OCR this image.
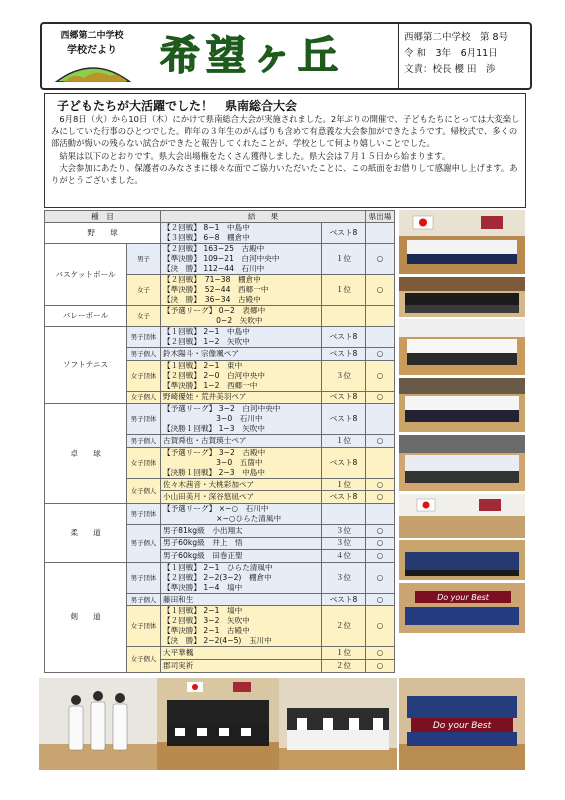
西郷第二中学校
学校だより	希望ヶ丘	西郷第二中学校　第 8号
令 和　3年　6月11日
文責：校長 櫻 田　渉
子どもたちが大活躍でした！　県南総合大会

6月8日（火）から10日（木）にかけて県南総合大会が実施されました。2年ぶりの開催で、子どもたちにとっては大変楽しみにしていた行事のひとつでした。昨年の３年生のがんばりも含めて有意義な大会参加ができたようです。帰校式で、多くの部活動が悔いの残らない試合ができたと報告してくれたことが、学校として何より嬉しいことでした。

結果は以下のとおりです。県大会出場権をたくさん獲得しました。県大会は７月１５日から始まります。

大会参加にあたり、保護者のみなさまに様々な面でご協力いただいたことに、この紙面をお借りして感謝申し上げます。ありがとうございました。

種　目		結　　果		県出場
野　　球		【２回戦】 8−1　中島中
【３回戦】 6−8　棚倉中	ベスト8	
バスケットボール	男子	【２回戦】 163−25　古殿中
【準決勝】 109−21　白河中央中
【決　勝】 112−44　石川中	１位	○
	女子	【２回戦】　71−38　棚倉中
【準決勝】　52−44　西郷一中
【決　勝】　36−34　古殿中	１位	○
バレーボール	女子	【予選リーグ】 0−2　表郷中
　　　　　　　0−2　矢吹中		

ソフトテニス	男子団体	【１回戦】 2−1　中島中
【２回戦】 1−2　矢吹中	ベスト8	
	男子個人	鈴木陽斗・宗像颯ペア	ベスト8	○
	女子団体	【１回戦】 2−1　東中
【２回戦】 2−0　白河中央中
【準決勝】 1−2　西郷一中	３位	○
	女子個人	野崎優娃・荒井美羽ペア	ベスト8	○
卓　　球	男子団体	【予選リーグ】 3−2　白河中央中
　　　　　　　3−0　石川中
【決勝１回戦】 1−3　矢吹中	ベスト8	
	男子個人	古賀舜也・古賀瑛士ペア	１位	○
	女子団体	【予選リーグ】 3−2　古殿中
　　　　　　　3−0　五箇中
【決勝１回戦】 2−3　中島中	ベスト8	
	女子個人	佐々木茜音・大桃彩加ペア	１位	○

		小山田美月・深谷悠凪ペア	ベスト8	○
柔　　道	男子団体	【予選リーグ】 ×−○　石川中
　　　　　　　×−○ひらた清風中		

	男子個人	男子81kg級　小出翔太	３位	○

		男子60kg級　井上　悟	３位	○

		男子60kg級　田巻正聖	４位	○
剣　　道	男子団体	【１回戦】 2−1　ひらた清風中
【２回戦】 2−2(3−2)　棚倉中
【準決勝】 1−4　塙中	３位	○
	男子個人	藤田和生	ベスト8	○
	女子団体	【１回戦】 2−1　塙中
【２回戦】 3−2　矢吹中
【準決勝】 2−1　古殿中
【決　勝】 2−2(4−5)　玉川中	２位	○
	女子個人	大平華楓	１位	○

		郡司実祈	２位	○
Do your Best
Do your Best
